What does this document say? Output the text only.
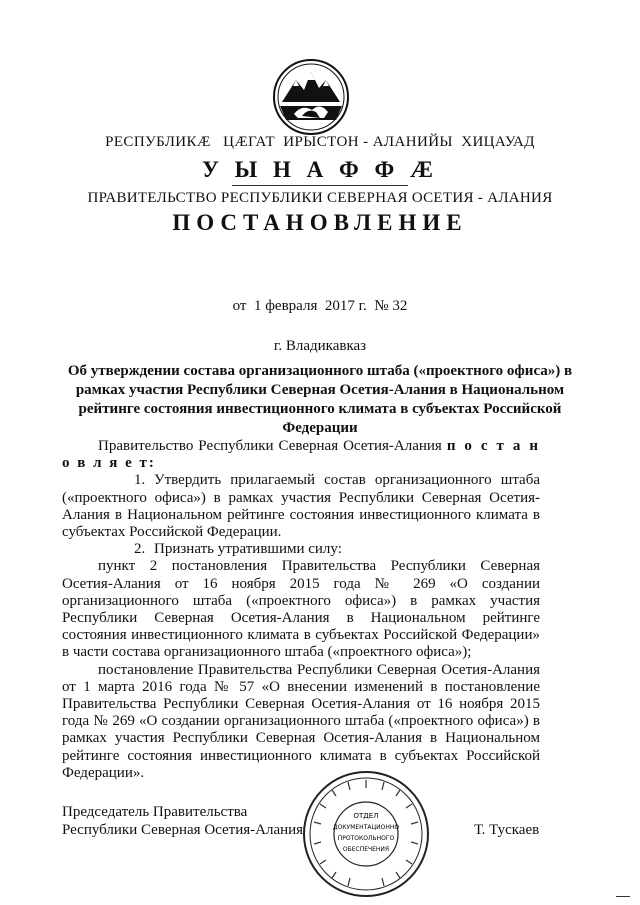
РЕСПУБЛИКӔ   ЦӔГАТ  ИРЫСТОН - АЛАНИЙЫ  ХИЦАУАД
У Ы Н А Ф Ф Ӕ
ПРАВИТЕЛЬСТВО РЕСПУБЛИКИ СЕВЕРНАЯ ОСЕТИЯ - АЛАНИЯ
ПОСТАНОВЛЕНИЕ
от  1 февраля  2017 г.  № 32
г. Владикавказ
Об утверждении состава организационного штаба («проектного офиса») в рамках участия Республики Северная Осетия-Алания в Национальном рейтинге состояния инвестиционного климата в субъектах Российской Федерации

Правительство Республики Северная Осетия-Алания п о с т а н о в л я е т:

1. Утвердить прилагаемый состав организационного штаба («проектного офиса») в рамках участия Республики Северная Осетия-Алания в Национальном рейтинге состояния инвестиционного климата в субъектах Российской Федерации.

2. Признать утратившими силу:

пункт 2 постановления Правительства Республики Северная Осетия-Алания от 16 ноября 2015 года № 269 «О создании организационного штаба («проектного офиса») в рамках участия Республики Северная Осетия-Алания в Национальном рейтинге состояния инвестиционного климата в субъектах Российской Федерации» в части состава организационного штаба («проектного офиса»);

постановление Правительства Республики Северная Осетия-Алания от 1 марта 2016 года № 57 «О внесении изменений в постановление Правительства Республики Северная Осетия-Алания от 16 ноября 2015 года № 269 «О создании организационного штаба («проектного офиса») в рамках участия Республики Северная Осетия-Алания в Национальном рейтинге состояния инвестиционного климата в субъектах Российской Федерации».

ОТДЕЛ
ДОКУМЕНТАЦИОННО
ПРОТОКОЛЬНОГО
ОБЕСПЕЧЕНИЯ
Председатель Правительства
Республики Северная Осетия-Алания	Т. Тускаев
